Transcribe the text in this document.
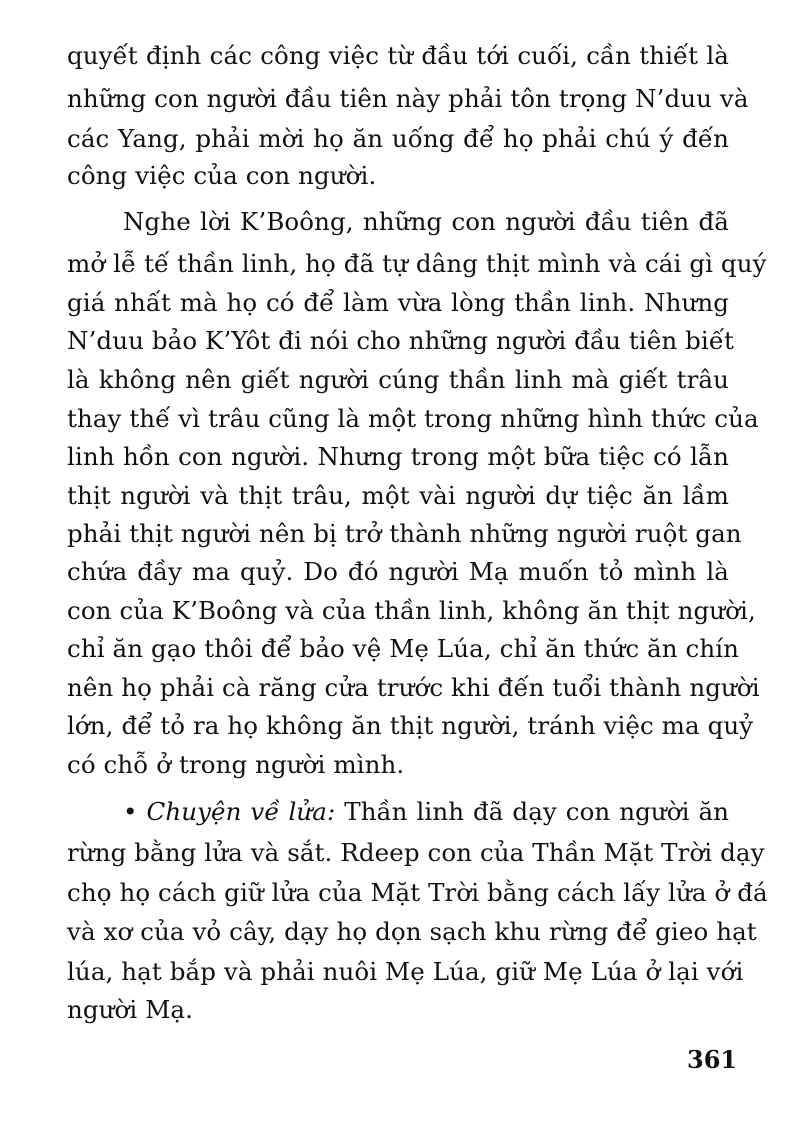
quyết định các công việc từ đầu tới cuối, cần thiết là
những con người đầu tiên này phải tôn trọng N’duu và
các Yang, phải mời họ ăn uống để họ phải chú ý đến
công việc của con người.
Nghe lời K’Boông, những con người đầu tiên đã
mở lễ tế thần linh, họ đã tự dâng thịt mình và cái gì quý
giá nhất mà họ có để làm vừa lòng thần linh. Nhưng
N’duu bảo K’Yôt đi nói cho những người đầu tiên biết
là không nên giết người cúng thần linh mà giết trâu
thay thế vì trâu cũng là một trong những hình thức của
linh hồn con người. Nhưng trong một bữa tiệc có lẫn
thịt người và thịt trâu, một vài người dự tiệc ăn lầm
phải thịt người nên bị trở thành những người ruột gan
chứa đầy ma quỷ. Do đó người Mạ muốn tỏ mình là
con của K’Boông và của thần linh, không ăn thịt người,
chỉ ăn gạo thôi để bảo vệ Mẹ Lúa, chỉ ăn thức ăn chín
nên họ phải cà răng cửa trước khi đến tuổi thành người
lớn, để tỏ ra họ không ăn thịt người, tránh việc ma quỷ
có chỗ ở trong người mình.
• Chuyện về lửa: Thần linh đã dạy con người ăn
rừng bằng lửa và sắt. Rdeep con của Thần Mặt Trời dạy
chọ họ cách giữ lửa của Mặt Trời bằng cách lấy lửa ở đá
và xơ của vỏ cây, dạy họ dọn sạch khu rừng để gieo hạt
lúa, hạt bắp và phải nuôi Mẹ Lúa, giữ Mẹ Lúa ở lại với
người Mạ.
361
